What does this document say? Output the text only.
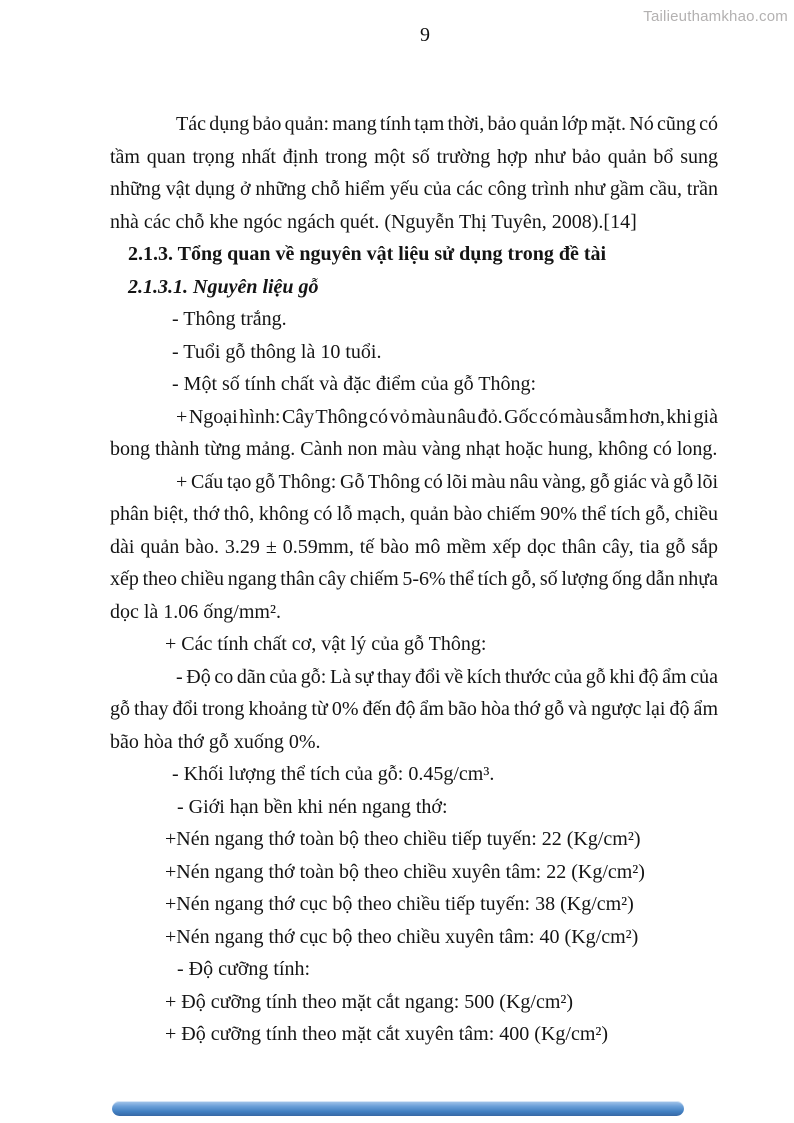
Tailieuthamkhao.com
9
Tác dụng bảo quản: mang tính tạm thời, bảo quản lớp mặt. Nó cũng có
tầm quan trọng nhất định trong một số trường hợp như bảo quản bổ sung
những vật dụng ở những chỗ hiểm yếu của các công trình như gầm cầu, trần
nhà các chỗ khe ngóc ngách quét. (Nguyễn Thị Tuyên, 2008).[14]
2.1.3. Tổng quan về nguyên vật liệu sử dụng trong đề tài
2.1.3.1. Nguyên liệu gỗ
- Thông trắng.
- Tuổi gỗ thông là 10 tuổi.
- Một số tính chất và đặc điểm của gỗ Thông:
+ Ngoại hình: Cây Thông có vỏ màu nâu đỏ. Gốc có màu sẫm hơn, khi già
bong thành từng mảng. Cành non màu vàng nhạt hoặc hung, không có long.
+ Cấu tạo gỗ Thông: Gỗ Thông có lõi màu nâu vàng, gỗ giác và gỗ lõi
phân biệt, thớ thô, không có lỗ mạch, quản bào chiếm 90% thể tích gỗ, chiều
dài quản bào. 3.29 ± 0.59mm, tế bào mô mềm xếp dọc thân cây, tia gỗ sắp
xếp theo chiều ngang thân cây chiếm 5-6% thể tích gỗ, số lượng ống dẫn nhựa
dọc là 1.06 ống/mm².
+ Các tính chất cơ, vật lý của gỗ Thông:
- Độ co dãn của gỗ: Là sự thay đổi về kích thước của gỗ khi độ ẩm của
gỗ thay đổi trong khoảng từ 0% đến độ ẩm bão hòa thớ gỗ và ngược lại độ ẩm
bão hòa thớ gỗ xuống 0%.
- Khối lượng thể tích của gỗ: 0.45g/cm³.
- Giới hạn bền khi nén ngang thớ:
+Nén ngang thớ toàn bộ theo chiều tiếp tuyến: 22 (Kg/cm²)
+Nén ngang thớ toàn bộ theo chiều xuyên tâm: 22 (Kg/cm²)
+Nén ngang thớ cục bộ theo chiều tiếp tuyến: 38 (Kg/cm²)
+Nén ngang thớ cục bộ theo chiều xuyên tâm: 40 (Kg/cm²)
- Độ cưỡng tính:
+ Độ cưỡng tính theo mặt cắt ngang: 500 (Kg/cm²)
+ Độ cưỡng tính theo mặt cắt xuyên tâm: 400 (Kg/cm²)
